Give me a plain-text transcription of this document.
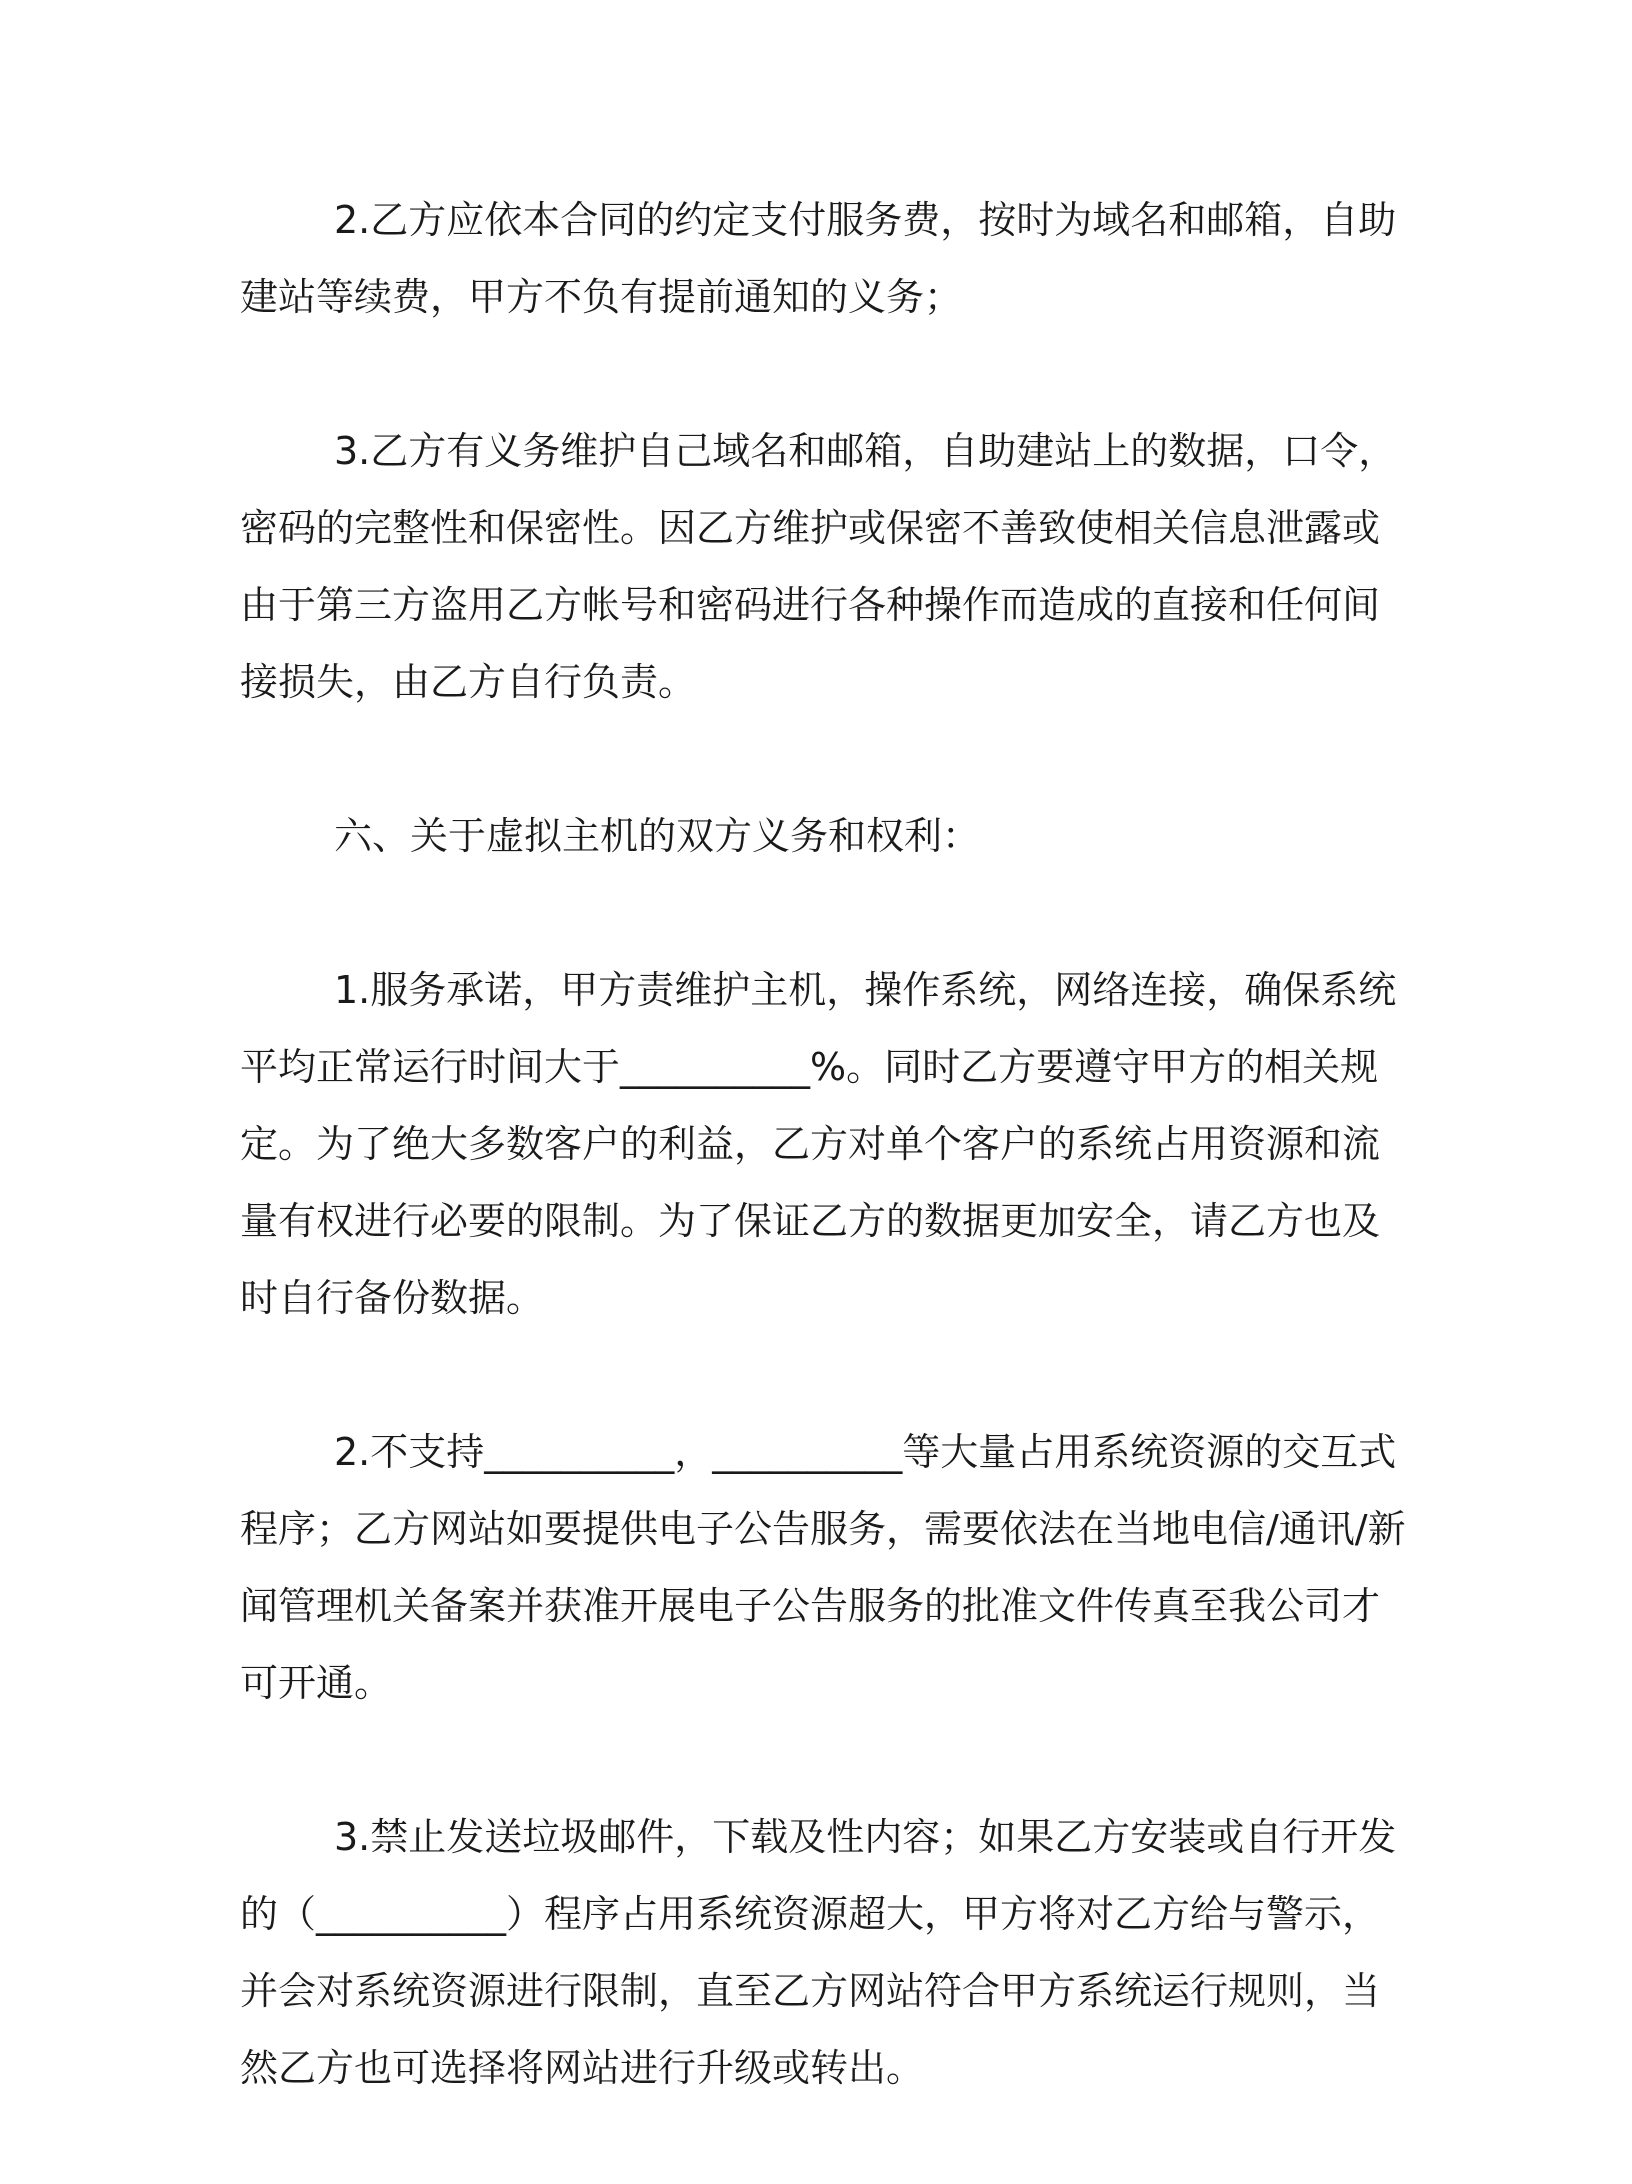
2.乙方应依本合同的约定支付服务费，按时为域名和邮箱，自助
建站等续费，甲方不负有提前通知的义务；

3.乙方有义务维护自己域名和邮箱，自助建站上的数据，口令，
密码的完整性和保密性。因乙方维护或保密不善致使相关信息泄露或
由于第三方盗用乙方帐号和密码进行各种操作而造成的直接和任何间
接损失，由乙方自行负责。

六、关于虚拟主机的双方义务和权利：

1.服务承诺，甲方责维护主机，操作系统，网络连接，确保系统
平均正常运行时间大于__________%。同时乙方要遵守甲方的相关规
定。为了绝大多数客户的利益，乙方对单个客户的系统占用资源和流
量有权进行必要的限制。为了保证乙方的数据更加安全，请乙方也及
时自行备份数据。

2.不支持__________，__________等大量占用系统资源的交互式
程序；乙方网站如要提供电子公告服务，需要依法在当地电信/通讯/新
闻管理机关备案并获准开展电子公告服务的批准文件传真至我公司才
可开通。

3.禁止发送垃圾邮件，下载及性内容；如果乙方安装或自行开发
的（__________）程序占用系统资源超大，甲方将对乙方给与警示，
并会对系统资源进行限制，直至乙方网站符合甲方系统运行规则，当
然乙方也可选择将网站进行升级或转出。
